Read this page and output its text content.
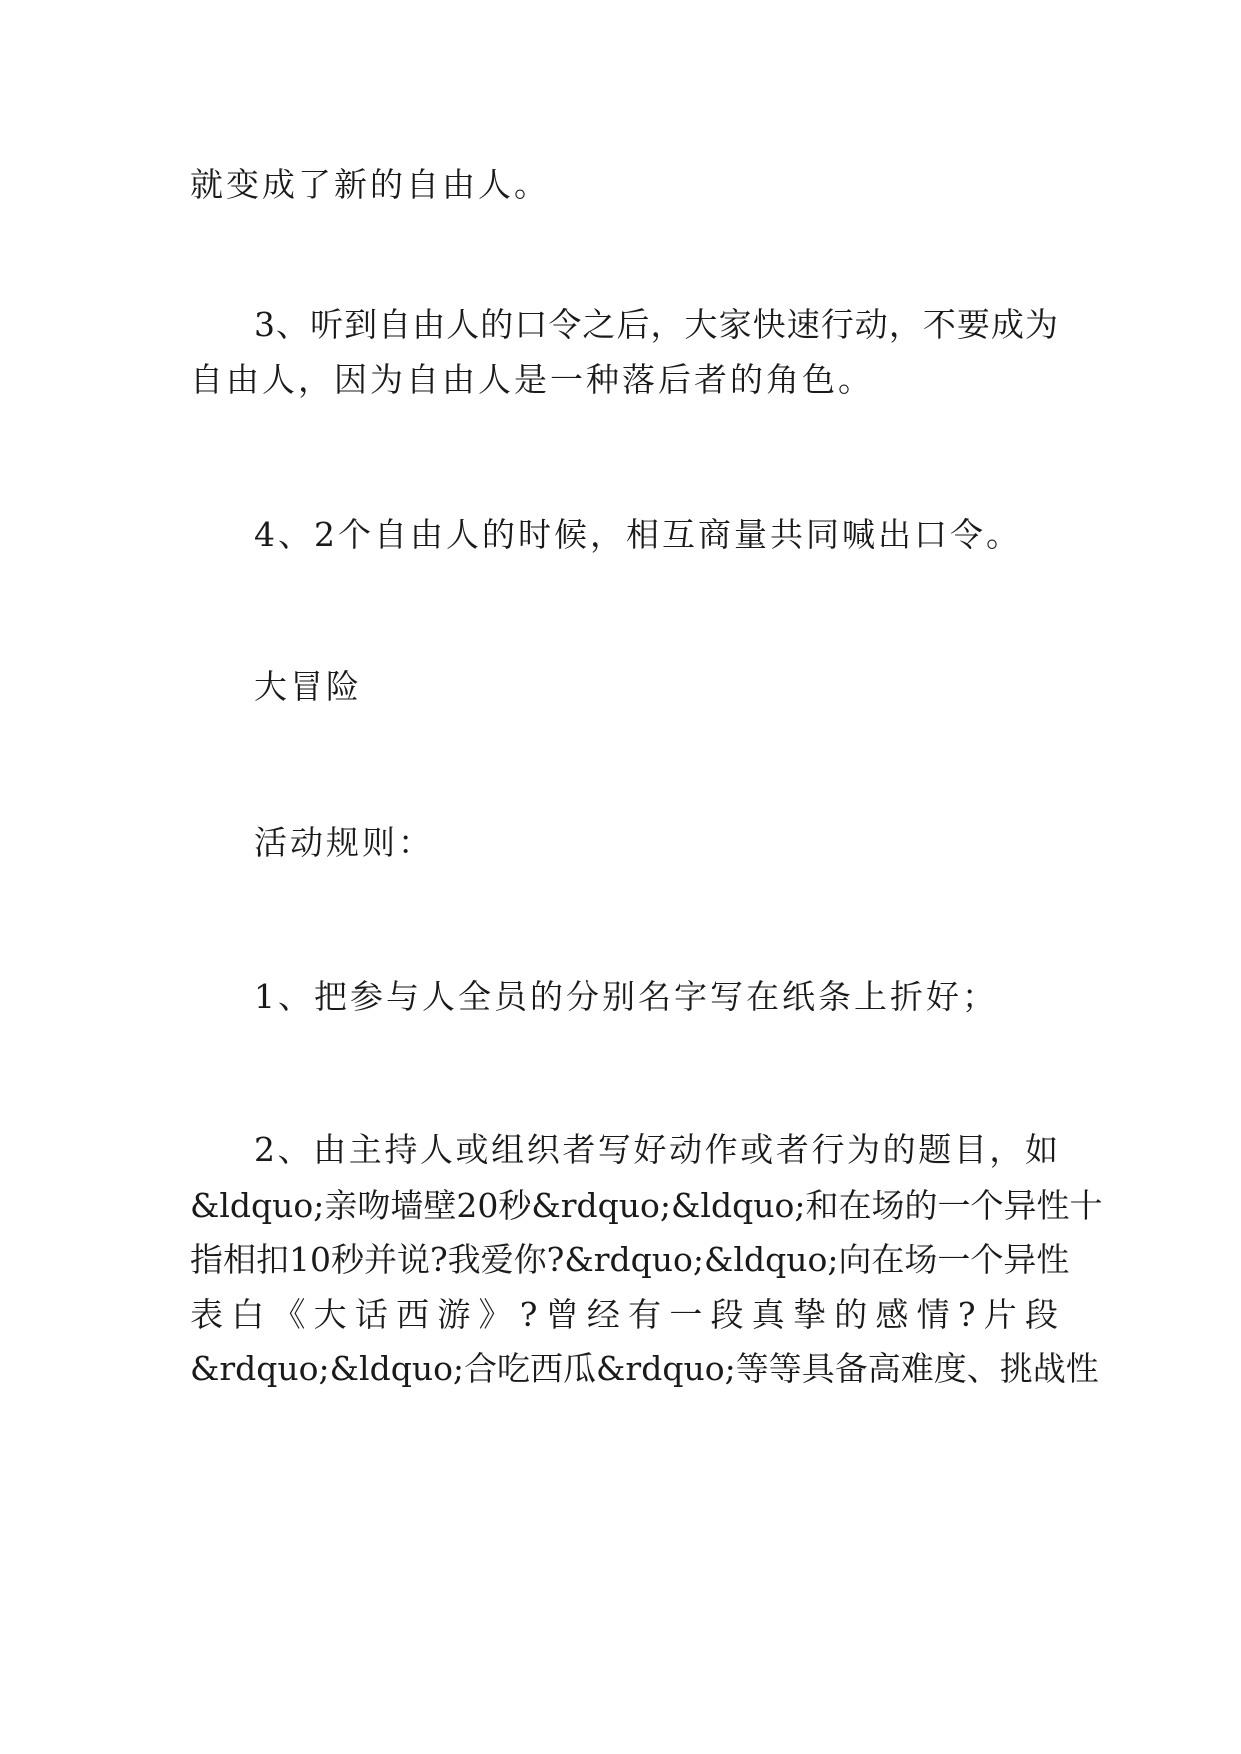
就变成了新的自由人。

3、听到自由人的口令之后，大家快速行动，不要成为

自由人，因为自由人是一种落后者的角色。

4、2个自由人的时候，相互商量共同喊出口令。

大冒险

活动规则：

1、把参与人全员的分别名字写在纸条上折好；

2、由主持人或组织者写好动作或者行为的题目，如

&ldquo;亲吻墙壁20秒&rdquo;&ldquo;和在场的一个异性十

指相扣10秒并说?我爱你?&rdquo;&ldquo;向在场一个异性

表白《大话西游》?曾经有一段真挚的感情?片段

&rdquo;&ldquo;合吃西瓜&rdquo;等等具备高难度、挑战性
